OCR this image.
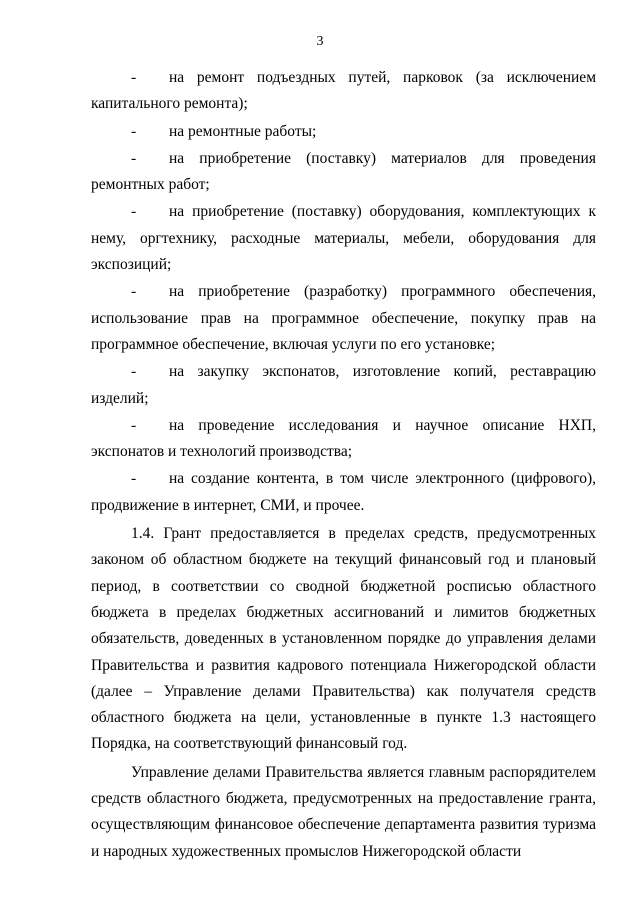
3

- на ремонт подъездных путей, парковок (за исключением капитального ремонта);

- на ремонтные работы;

- на приобретение (поставку) материалов для проведения ремонтных работ;

- на приобретение (поставку) оборудования, комплектующих к нему, оргтехнику, расходные материалы, мебели, оборудования для экспозиций;

- на приобретение (разработку) программного обеспечения, использование прав на программное обеспечение, покупку прав на программное обеспечение, включая услуги по его установке;

- на закупку экспонатов, изготовление копий, реставрацию изделий;

- на проведение исследования и научное описание НХП, экспонатов и технологий производства;

- на создание контента, в том числе электронного (цифрового), продвижение в интернет, СМИ, и прочее.

1.4. Грант предоставляется в пределах средств, предусмотренных законом об областном бюджете на текущий финансовый год и плановый период, в соответствии со сводной бюджетной росписью областного бюджета в пределах бюджетных ассигнований и лимитов бюджетных обязательств, доведенных в установленном порядке до управления делами Правительства и развития кадрового потенциала Нижегородской области (далее – Управление делами Правительства) как получателя средств областного бюджета на цели, установленные в пункте 1.3 настоящего Порядка, на соответствующий финансовый год.

Управление делами Правительства является главным распорядителем средств областного бюджета, предусмотренных на предоставление гранта, осуществляющим финансовое обеспечение департамента развития туризма и народных художественных промыслов Нижегородской области
